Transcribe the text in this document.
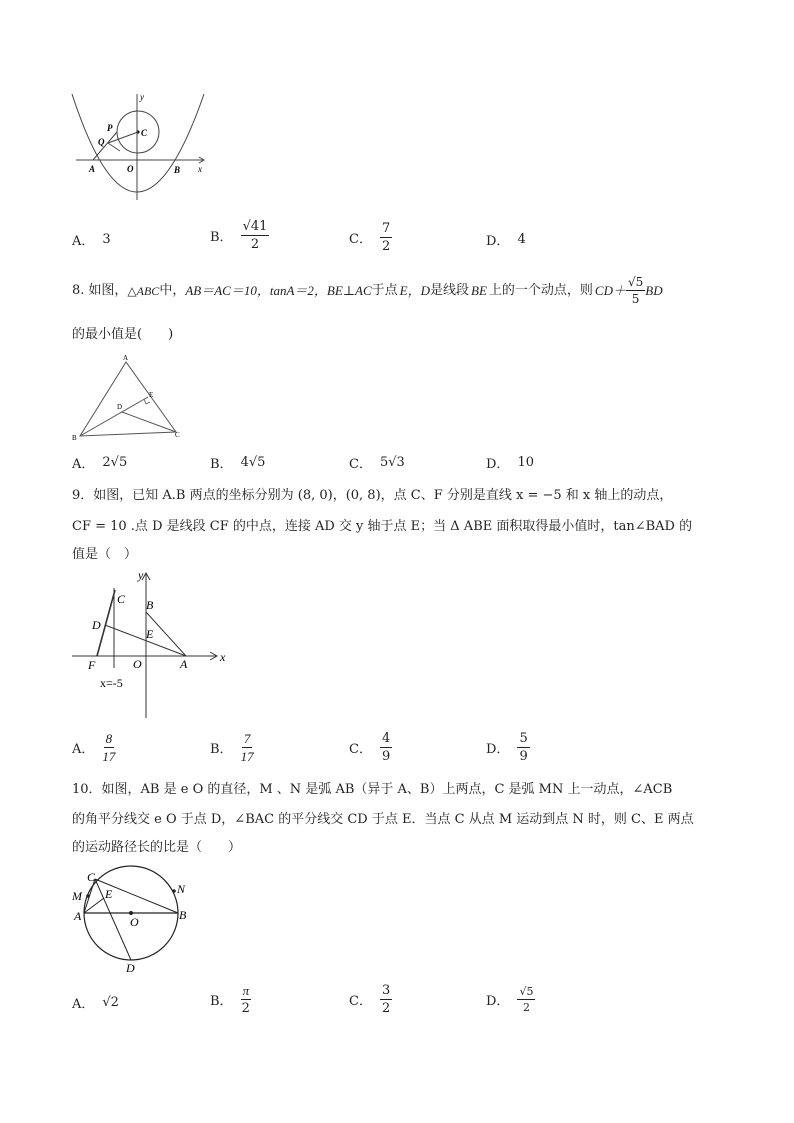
y
P	C
Q
A	O	B x
A． 3	B． $\frac{√41}{2}$	C． $\frac{7}{2}$	D． 4
8. 如图， △ABC 中， AB＝AC＝10，tanA＝2，BE⊥AC 于点 E，D 是线段 BE 上的一个动点，则 $CD+ \frac{√5}{5}$ BD
的最小值是(　　)
A
B	C
D
E
A． 2√5	B． 4√5	C． 5√3	D． 10
9．如图，已知 A.B 两点的坐标分别为 (8, 0)，(0, 8)，点 C、F 分别是直线 x = −5 和 x 轴上的动点，
CF = 10 .点 D 是线段 CF 的中点，连接 AD 交 y 轴于点 E；当 Δ ABE 面积取得最小值时，tan∠BAD 的
值是（　）
y
C B
D
E
F	O	A	x
x=-5
A． $\frac{8}{17}$	B． $\frac{7}{17}$	C． $\frac{4}{9}$	D． $\frac{5}{9}$
10．如图，AB 是 e O 的直径，M 、N 是弧 AB（异于 A、B）上两点，C 是弧 MN 上一动点，∠ACB
的角平分线交 e O 于点 D，∠BAC 的平分线交 CD 于点 E．当点 C 从点 M 运动到点 N 时，则 C、E 两点
的运动路径长的比是（　　）
C
M E	N
A	O	B
D
A． √2	B． $\frac{\pi}{2}$	C． $\frac{3}{2}$	D． $\frac{√5}{2}$
